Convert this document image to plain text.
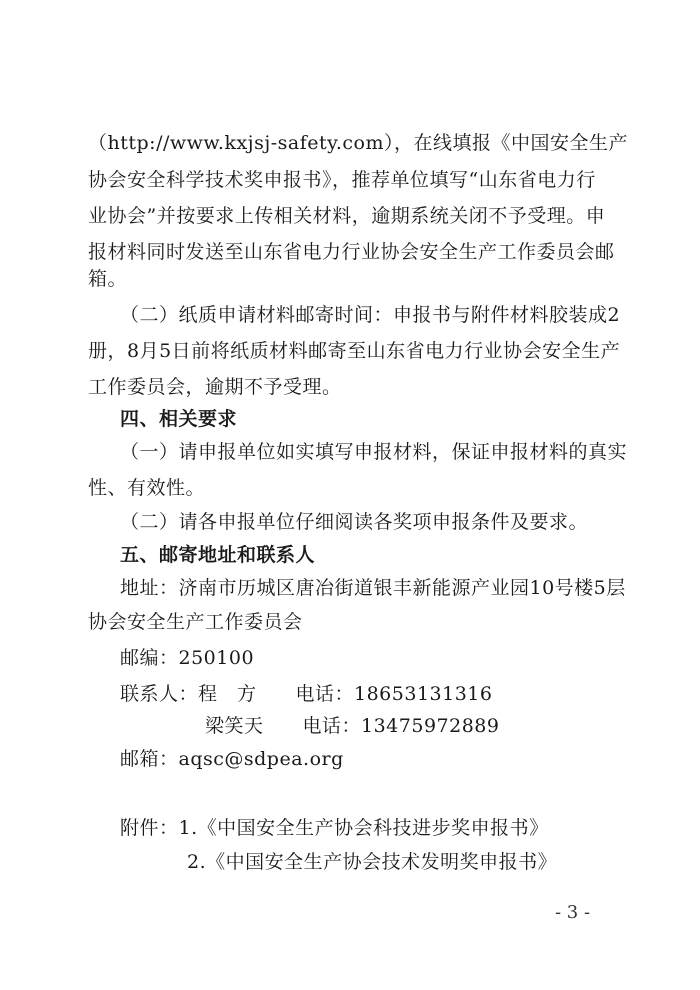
（http://www.kxjsj-safety.com），在线填报《中国安全生产
协会安全科学技术奖申报书》，推荐单位填写“山东省电力行
业协会”并按要求上传相关材料，逾期系统关闭不予受理。申
报材料同时发送至山东省电力行业协会安全生产工作委员会邮
箱。
（二）纸质申请材料邮寄时间：申报书与附件材料胶装成2
册，8月5日前将纸质材料邮寄至山东省电力行业协会安全生产
工作委员会，逾期不予受理。
四、相关要求
（一）请申报单位如实填写申报材料，保证申报材料的真实
性、有效性。
（二）请各申报单位仔细阅读各奖项申报条件及要求。
五、邮寄地址和联系人
地址：济南市历城区唐冶街道银丰新能源产业园10号楼5层
协会安全生产工作委员会
邮编：250100
联系人：程　方　　电话：18653131316
梁笑天　　电话：13475972889
邮箱：aqsc@sdpea.org
附件：1.《中国安全生产协会科技进步奖申报书》
2.《中国安全生产协会技术发明奖申报书》
- 3 -
